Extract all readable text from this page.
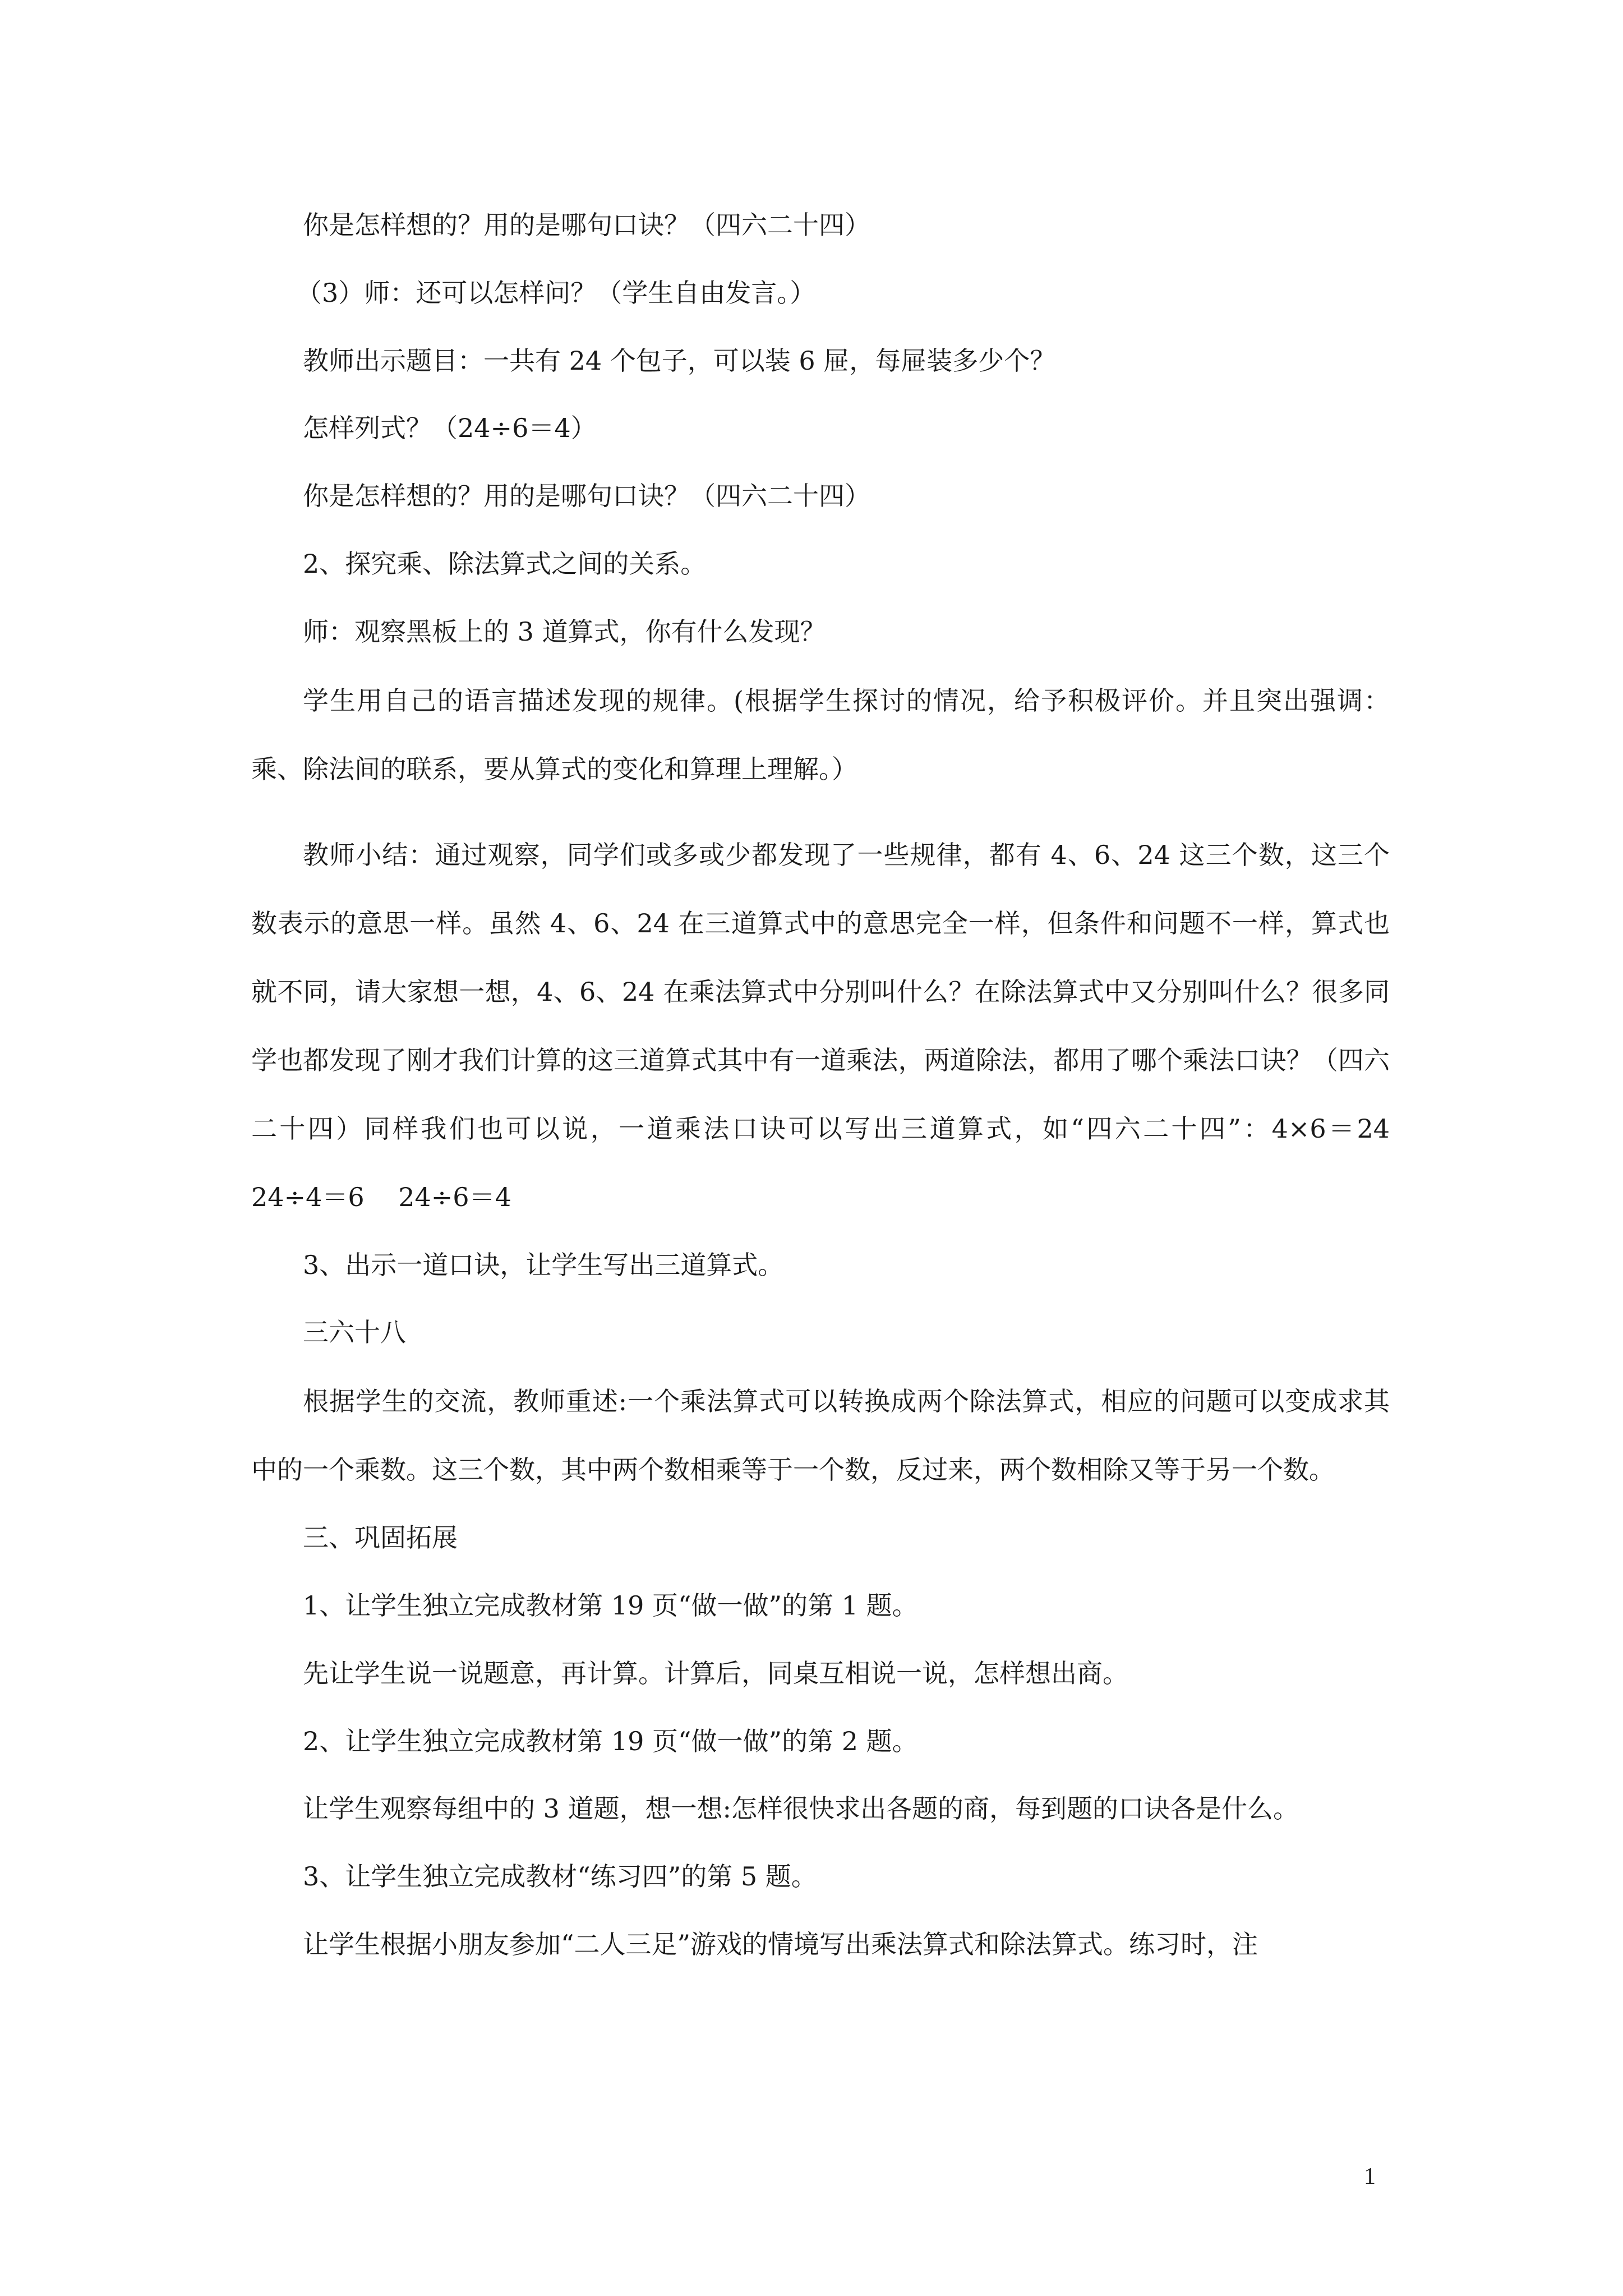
你是怎样想的？用的是哪句口诀？（四六二十四）

（3）师：还可以怎样问？（学生自由发言。）

教师出示题目：一共有 24 个包子，可以装 6 屉，每屉装多少个？

怎样列式？（24÷6＝4）

你是怎样想的？用的是哪句口诀？（四六二十四）

2、探究乘、除法算式之间的关系。

师：观察黑板上的 3 道算式，你有什么发现？

学生用自己的语言描述发现的规律。(根据学生探讨的情况，给予积极评价。并且突出强调：乘、除法间的联系，要从算式的变化和算理上理解。）

教师小结：通过观察，同学们或多或少都发现了一些规律，都有 4、6、24 这三个数，这三个数表示的意思一样。虽然 4、6、24 在三道算式中的意思完全一样，但条件和问题不一样，算式也就不同，请大家想一想，4、6、24 在乘法算式中分别叫什么？在除法算式中又分别叫什么？很多同学也都发现了刚才我们计算的这三道算式其中有一道乘法，两道除法，都用了哪个乘法口诀？（四六二十四）同样我们也可以说，一道乘法口诀可以写出三道算式，如“四六二十四”：4×6＝24　 24÷4＝6　 24÷6＝4

3、出示一道口诀，让学生写出三道算式。

三六十八

根据学生的交流，教师重述:一个乘法算式可以转换成两个除法算式，相应的问题可以变成求其中的一个乘数。这三个数，其中两个数相乘等于一个数，反过来，两个数相除又等于另一个数。

三、巩固拓展

1、让学生独立完成教材第 19 页“做一做”的第 1 题。

先让学生说一说题意，再计算。计算后，同桌互相说一说，怎样想出商。

2、让学生独立完成教材第 19 页“做一做”的第 2 题。

让学生观察每组中的 3 道题，想一想:怎样很快求出各题的商，每到题的口诀各是什么。

3、让学生独立完成教材“练习四”的第 5 题。

让学生根据小朋友参加“二人三足”游戏的情境写出乘法算式和除法算式。练习时，注

1
